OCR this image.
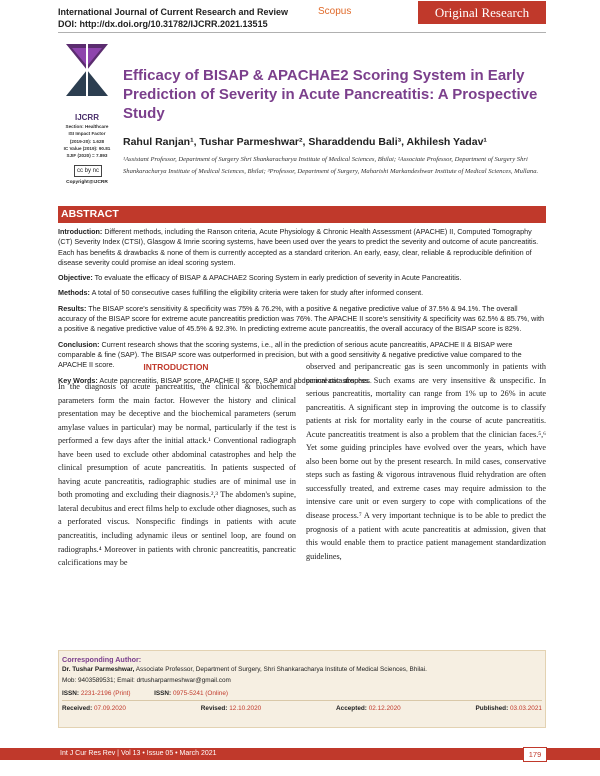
International Journal of Current Research and Review
DOI: http://dx.doi.org/10.31782/IJCRR.2021.13515
Scopus	Original Research
IJCRR
Section: Healthcare
ISI Impact Factor
(2019-20): 1.628
IC Value (2019): 90.81
SJIF (2020) = 7.893
cc by nc
Copyright@IJCRR
Efficacy of BISAP & APACHAE2 Scoring System in Early Prediction of Severity in Acute Pancreatitis: A Prospective Study
Rahul Ranjan¹, Tushar Parmeshwar², Sharaddendu Bali³, Akhilesh Yadav¹
¹Assistant Professor, Department of Surgery Shri Shankaracharya Institute of Medical Sciences, Bhilai; ²Associate Professor, Department of Surgery Shri Shankaracharya Institute of Medical Sciences, Bhilai; ³Professor, Department of Surgery, Maharishi Markandeshwar Institute of Medical Sciences, Mullana.
ABSTRACT

Introduction: Different methods, including the Ranson criteria, Acute Physiology & Chronic Health Assessment (APACHE) II, Computed Tomography (CT) Severity Index (CTSI), Glasgow & Imrie scoring systems, have been used over the years to predict the severity and outcome of acute pancreatitis. Each has benefits & drawbacks & none of them is currently accepted as a standard criterion. An early, easy, clear, reliable & reproducible definition of disease severity could promise an ideal scoring system.

Objective: To evaluate the efficacy of BISAP & APACHAE2 Scoring System in early prediction of severity in Acute Pancreatitis.

Methods: A total of 50 consecutive cases fulfilling the eligibility criteria were taken for study after informed consent.

Results: The BISAP score's sensitivity & specificity was 75% & 76.2%, with a positive & negative predictive value of 37.5% & 94.1%. The overall accuracy of the BISAP score for extreme acute pancreatitis prediction was 76%. The APACHE II score's sensitivity & specificity was 62.5% & 85.7%, with a positive & negative predictive value of 45.5% & 92.3%. In predicting extreme acute pancreatitis, the overall accuracy of the BISAP score is 82%.

Conclusion: Current research shows that the scoring systems, i.e., all in the prediction of serious acute pancreatitis, APACHE II & BISAP were comparable & fine (SAP). The BISAP score was outperformed in precision, but with a good sensitivity & negative predictive value compared to the APACHE II score.

Key Words: Acute pancreatitis, BISAP score, APACHE II score, SAP and abdominal catastrophes.

INTRODUCTION
In the diagnosis of acute pancreatitis, the clinical & biochemical parameters form the main factor. However the history and clinical presentation may be deceptive and the biochemical parameters (serum amylase values in particular) may be normal, particularly if the test is performed a few days after the initial attack.¹ Conventional radiograph have been used to exclude other abdominal catastrophes and help the clinical presumption of acute pancreatitis. In patients suspected of having acute pancreatitis, radiographic studies are of minimal use in both promoting and excluding their diagnosis.²,³ The abdomen's supine, lateral decubitus and erect films help to exclude other diagnoses, such as a perforated viscus. Nonspecific findings in patients with acute pancreatitis, including adynamic ileus or sentinel loop, are found on radiographs.⁴ Moreover in patients with chronic pancreatitis, pancreatic calcifications may be
observed and peripancreatic gas is seen uncommonly in patients with pancreatic abscess. Such exams are very insensitive & unspecific. In serious pancreatitis, mortality can range from 1% up to 26% in acute pancreatitis. A significant step in improving the outcome is to classify patients at risk for mortality early in the course of acute pancreatitis. Acute pancreatitis treatment is also a problem that the clinician faces.⁵,⁶ Yet some guiding principles have evolved over the years, which have also been borne out by the present research. In mild cases, conservative steps such as fasting & vigorous intravenous fluid rehydration are often successfully treated, and extreme cases may require admission to the intensive care unit or even surgery to cope with complications of the disease process.⁷ A very important technique is to be able to predict the prognosis of a patient with acute pancreatitis at admission, given that this would enable them to practice patient management standardization guidelines,
Corresponding Author:
Dr. Tushar Parmeshwar, Associate Professor, Department of Surgery, Shri Shankaracharya Institute of Medical Sciences, Bhilai.
Mob: 9403589531; Email: drtusharparmeshwar@gmail.com
ISSN: 2231-2196 (Print)	ISSN: 0975-5241 (Online)
Received: 07.09.2020	Revised: 12.10.2020	Accepted: 02.12.2020	Published: 03.03.2021
Int J Cur Res Rev | Vol 13 • Issue 05 • March 2021	179
